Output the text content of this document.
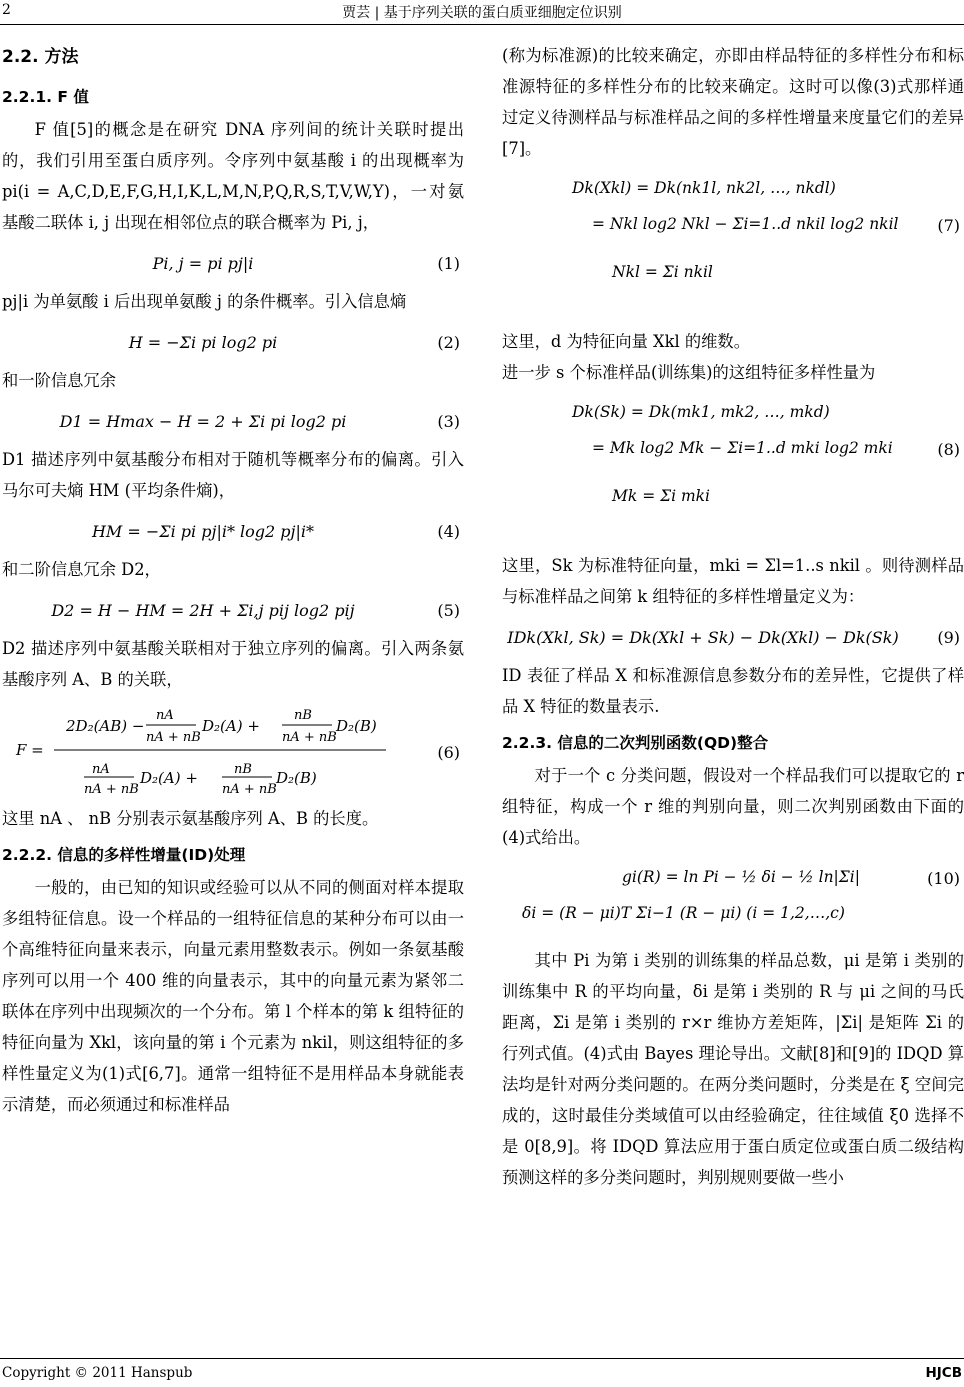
2	贾芸 | 基于序列关联的蛋白质亚细胞定位识别
2.2. 方法
2.2.1. F 值

F 值[5]的概念是在研究 DNA 序列间的统计关联时提出的，我们引用至蛋白质序列。令序列中氨基酸 i 的出现概率为 pi(i = A,C,D,E,F,G,H,I,K,L,M,N,P,Q,R,S,T,V,W,Y)，一对氨基酸二联体 i, j 出现在相邻位点的联合概率为 Pi, j，

Pi, j = pi pj|i	(1)

pj|i 为单氨酸 i 后出现单氨酸 j 的条件概率。引入信息熵

H = −Σi pi log2 pi	(2)

和一阶信息冗余

D1 = Hmax − H = 2 + Σi pi log2 pi	(3)

D1 描述序列中氨基酸分布相对于随机等概率分布的偏离。引入马尔可夫熵 HM (平均条件熵)，

HM = −Σi pi pj|i* log2 pj|i*	(4)

和二阶信息冗余 D2，

D2 = H − HM = 2H + Σi,j pij log2 pij	(5)

D2 描述序列中氨基酸关联相对于独立序列的偏离。引入两条氨基酸序列 A、B 的关联，

F =
2D₂(AB) −
nA
nA + nB
D₂(A) +
nB
nA + nB
D₂(B)
nA
nA + nB
D₂(A) +	nB
nA + nB
D₂(B)
(6)

这里 nA 、 nB 分别表示氨基酸序列 A、B 的长度。

2.2.2. 信息的多样性增量(ID)处理

一般的，由已知的知识或经验可以从不同的侧面对样本提取多组特征信息。设一个样品的一组特征信息的某种分布可以由一个高维特征向量来表示，向量元素用整数表示。例如一条氨基酸序列可以用一个 400 维的向量表示，其中的向量元素为紧邻二联体在序列中出现频次的一个分布。第 l 个样本的第 k 组特征的特征向量为 Xkl，该向量的第 i 个元素为 nkil，则这组特征的多样性量定义为(1)式[6,7]。通常一组特征不是用样品本身就能表示清楚，而必须通过和标准样品

(称为标准源)的比较来确定，亦即由样品特征的多样性分布和标准源特征的多样性分布的比较来确定。这时可以像(3)式那样通过定义待测样品与标准样品之间的多样性增量来度量它们的差异[7]。

Dk(Xkl) = Dk(nk1l, nk2l, …, nkdl)
= Nkl log2 Nkl − Σi=1..d nkil log2 nkil
Nkl = Σi nkil
(7)

这里，d 为特征向量 Xkl 的维数。

进一步 s 个标准样品(训练集)的这组特征多样性量为

Dk(Sk) = Dk(mk1, mk2, …, mkd)
= Mk log2 Mk − Σi=1..d mki log2 mki
Mk = Σi mki
(8)

这里，Sk 为标准特征向量，mki = Σl=1..s nkil 。则待测样品与标准样品之间第 k 组特征的多样性增量定义为：

IDk(Xkl, Sk) = Dk(Xkl + Sk) − Dk(Xkl) − Dk(Sk)	(9)

ID 表征了样品 X 和标准源信息参数分布的差异性，它提供了样品 X 特征的数量表示.

2.2.3. 信息的二次判别函数(QD)整合

对于一个 c 分类问题，假设对一个样品我们可以提取它的 r 组特征，构成一个 r 维的判别向量，则二次判别函数由下面的(4)式给出。

gi(R) = ln Pi − ½ δi − ½ ln|Σi|
δi = (R − μi)T Σi−1 (R − μi) (i = 1,2,…,c)
(10)

其中 Pi 为第 i 类别的训练集的样品总数，μi 是第 i 类别的训练集中 R 的平均向量，δi 是第 i 类别的 R 与 μi 之间的马氏距离，Σi 是第 i 类别的 r×r 维协方差矩阵，|Σi| 是矩阵 Σi 的行列式值。(4)式由 Bayes 理论导出。文献[8]和[9]的 IDQD 算法均是针对两分类问题的。在两分类问题时，分类是在 ξ 空间完成的，这时最佳分类域值可以由经验确定，往往域值 ξ0 选择不是 0[8,9]。将 IDQD 算法应用于蛋白质定位或蛋白质二级结构预测这样的多分类问题时，判别规则要做一些小

Copyright © 2011 Hanspub	HJCB
